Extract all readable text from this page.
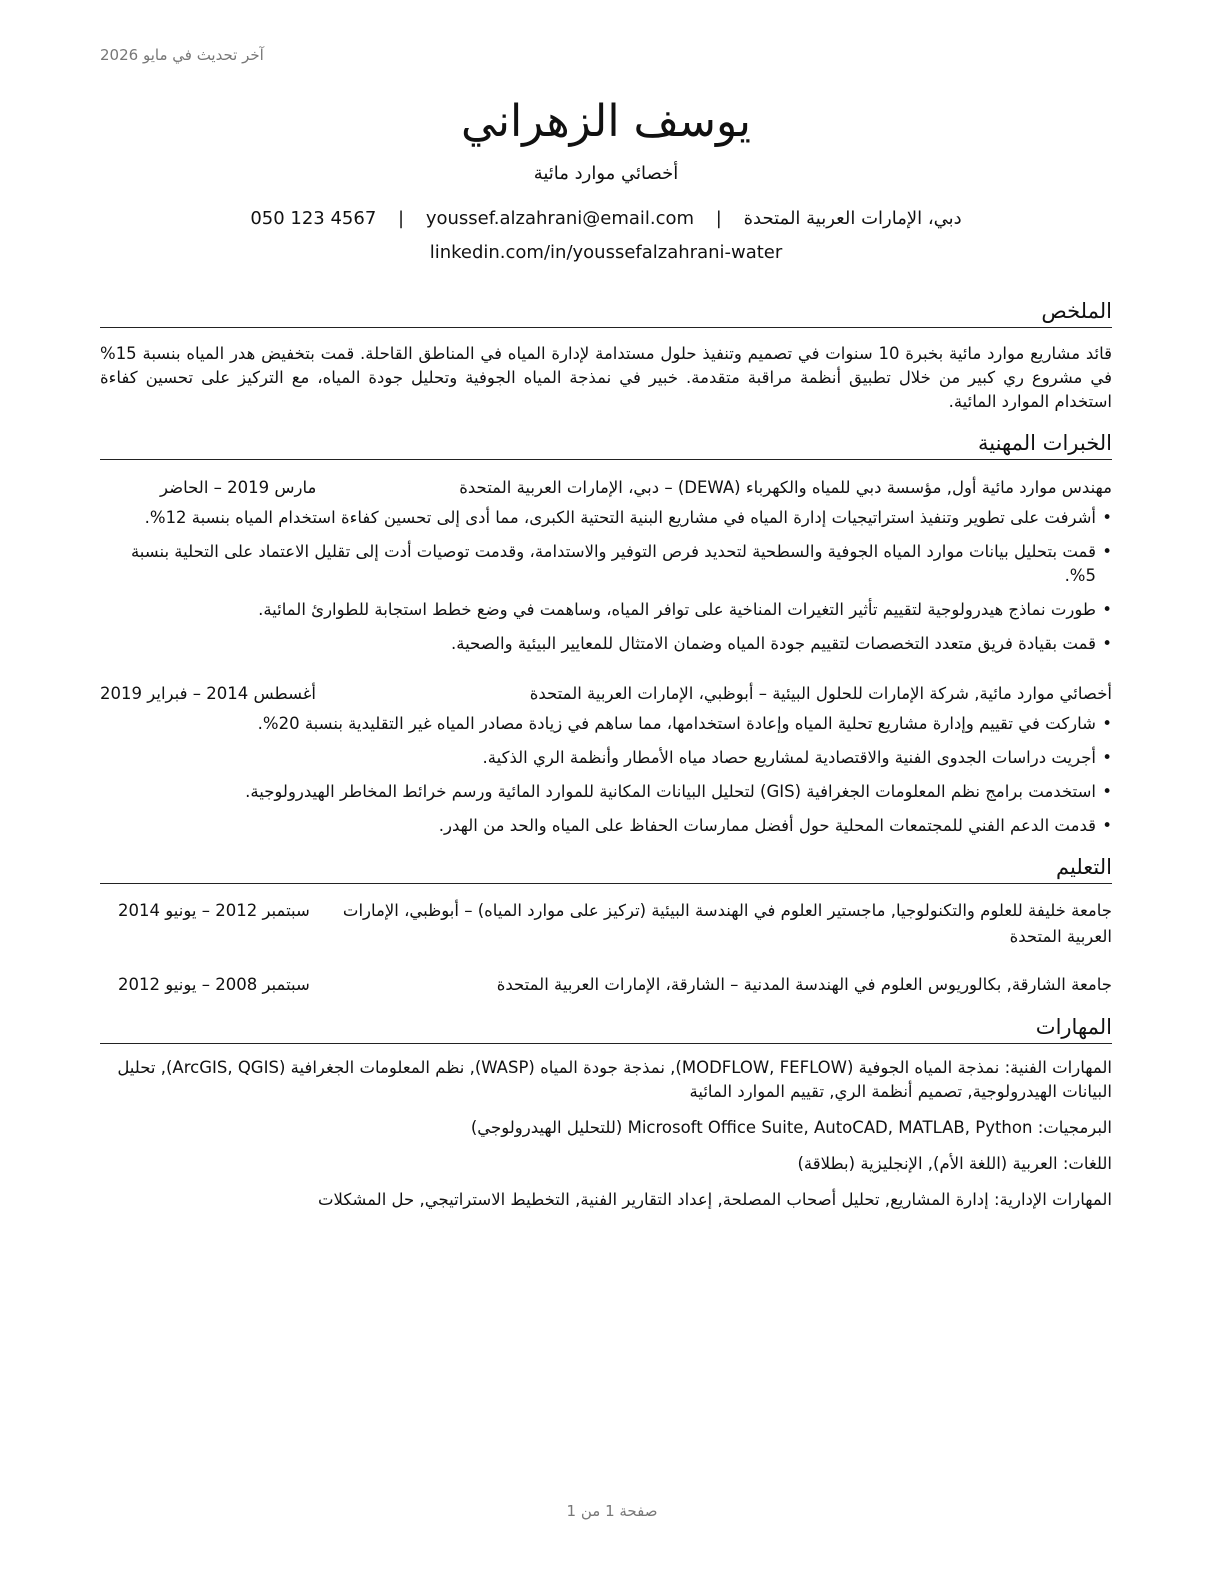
آخر تحديث في مايو 2026
يوسف الزهراني
أخصائي موارد مائية
دبي، الإمارات العربية المتحدة | youssef.alzahrani@email.com | 050 123 4567
linkedin.com/in/youssefalzahrani-water
الملخص
قائد مشاريع موارد مائية بخبرة 10 سنوات في تصميم وتنفيذ حلول مستدامة لإدارة المياه في المناطق القاحلة. قمت بتخفيض هدر المياه بنسبة 15% في مشروع ري كبير من خلال تطبيق أنظمة مراقبة متقدمة. خبير في نمذجة المياه الجوفية وتحليل جودة المياه، مع التركيز على تحسين كفاءة استخدام الموارد المائية.
الخبرات المهنية
مهندس موارد مائية أول, مؤسسة دبي للمياه والكهرباء (DEWA) – دبي، الإمارات العربية المتحدة
مارس 2019 – الحاضر
• أشرفت على تطوير وتنفيذ استراتيجيات إدارة المياه في مشاريع البنية التحتية الكبرى، مما أدى إلى تحسين كفاءة استخدام المياه بنسبة 12%.
• قمت بتحليل بيانات موارد المياه الجوفية والسطحية لتحديد فرص التوفير والاستدامة، وقدمت توصيات أدت إلى تقليل الاعتماد على التحلية بنسبة 5%.
• طورت نماذج هيدرولوجية لتقييم تأثير التغيرات المناخية على توافر المياه، وساهمت في وضع خطط استجابة للطوارئ المائية.
• قمت بقيادة فريق متعدد التخصصات لتقييم جودة المياه وضمان الامتثال للمعايير البيئية والصحية.
أخصائي موارد مائية, شركة الإمارات للحلول البيئية – أبوظبي، الإمارات العربية المتحدة
أغسطس 2014 – فبراير 2019
• شاركت في تقييم وإدارة مشاريع تحلية المياه وإعادة استخدامها، مما ساهم في زيادة مصادر المياه غير التقليدية بنسبة 20%.
• أجريت دراسات الجدوى الفنية والاقتصادية لمشاريع حصاد مياه الأمطار وأنظمة الري الذكية.
• استخدمت برامج نظم المعلومات الجغرافية (GIS) لتحليل البيانات المكانية للموارد المائية ورسم خرائط المخاطر الهيدرولوجية.
• قدمت الدعم الفني للمجتمعات المحلية حول أفضل ممارسات الحفاظ على المياه والحد من الهدر.
التعليم
جامعة خليفة للعلوم والتكنولوجيا, ماجستير العلوم في الهندسة البيئية (تركيز على موارد المياه) – أبوظبي، الإمارات العربية المتحدة
سبتمبر 2012 – يونيو 2014
جامعة الشارقة, بكالوريوس العلوم في الهندسة المدنية – الشارقة، الإمارات العربية المتحدة
سبتمبر 2008 – يونيو 2012
المهارات
المهارات الفنية: نمذجة المياه الجوفية (MODFLOW, FEFLOW), نمذجة جودة المياه (WASP), نظم المعلومات الجغرافية (ArcGIS, QGIS), تحليل البيانات الهيدرولوجية, تصميم أنظمة الري, تقييم الموارد المائية
البرمجيات: Microsoft Office Suite, AutoCAD, MATLAB, Python (للتحليل الهيدرولوجي)
اللغات: العربية (اللغة الأم), الإنجليزية (بطلاقة)
المهارات الإدارية: إدارة المشاريع, تحليل أصحاب المصلحة, إعداد التقارير الفنية, التخطيط الاستراتيجي, حل المشكلات
صفحة 1 من 1
